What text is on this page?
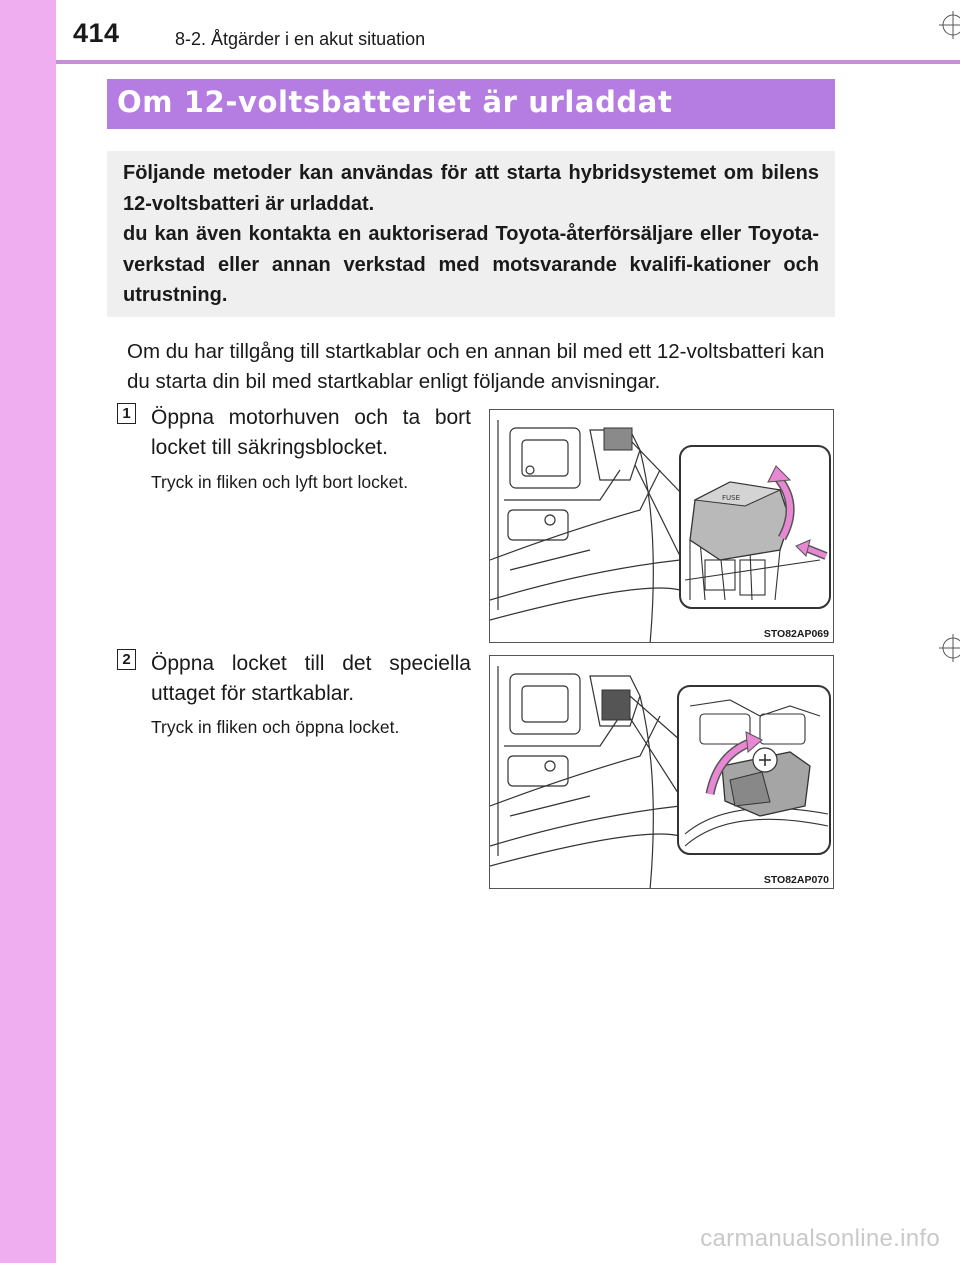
414	8-2. Åtgärder i en akut situation
Om 12-voltsbatteriet är urladdat

Följande metoder kan användas för att starta hybridsystemet om bilens 12-voltsbatteri är urladdat.

du kan även kontakta en auktoriserad Toyota-återförsäljare eller Toyota-verkstad eller annan verkstad med motsvarande kvalifi-kationer och utrustning.

Om du har tillgång till startkablar och en annan bil med ett 12-voltsbatteri kan du starta din bil med startkablar enligt följande anvisningar.

1 Öppna motorhuven och ta bort locket till säkringsblocket.

Tryck in fliken och lyft bort locket.
FUSE
STO82AP069
2 Öppna locket till det speciella uttaget för startkablar.

Tryck in fliken och öppna locket.
STO82AP070
carmanualsonline.info
